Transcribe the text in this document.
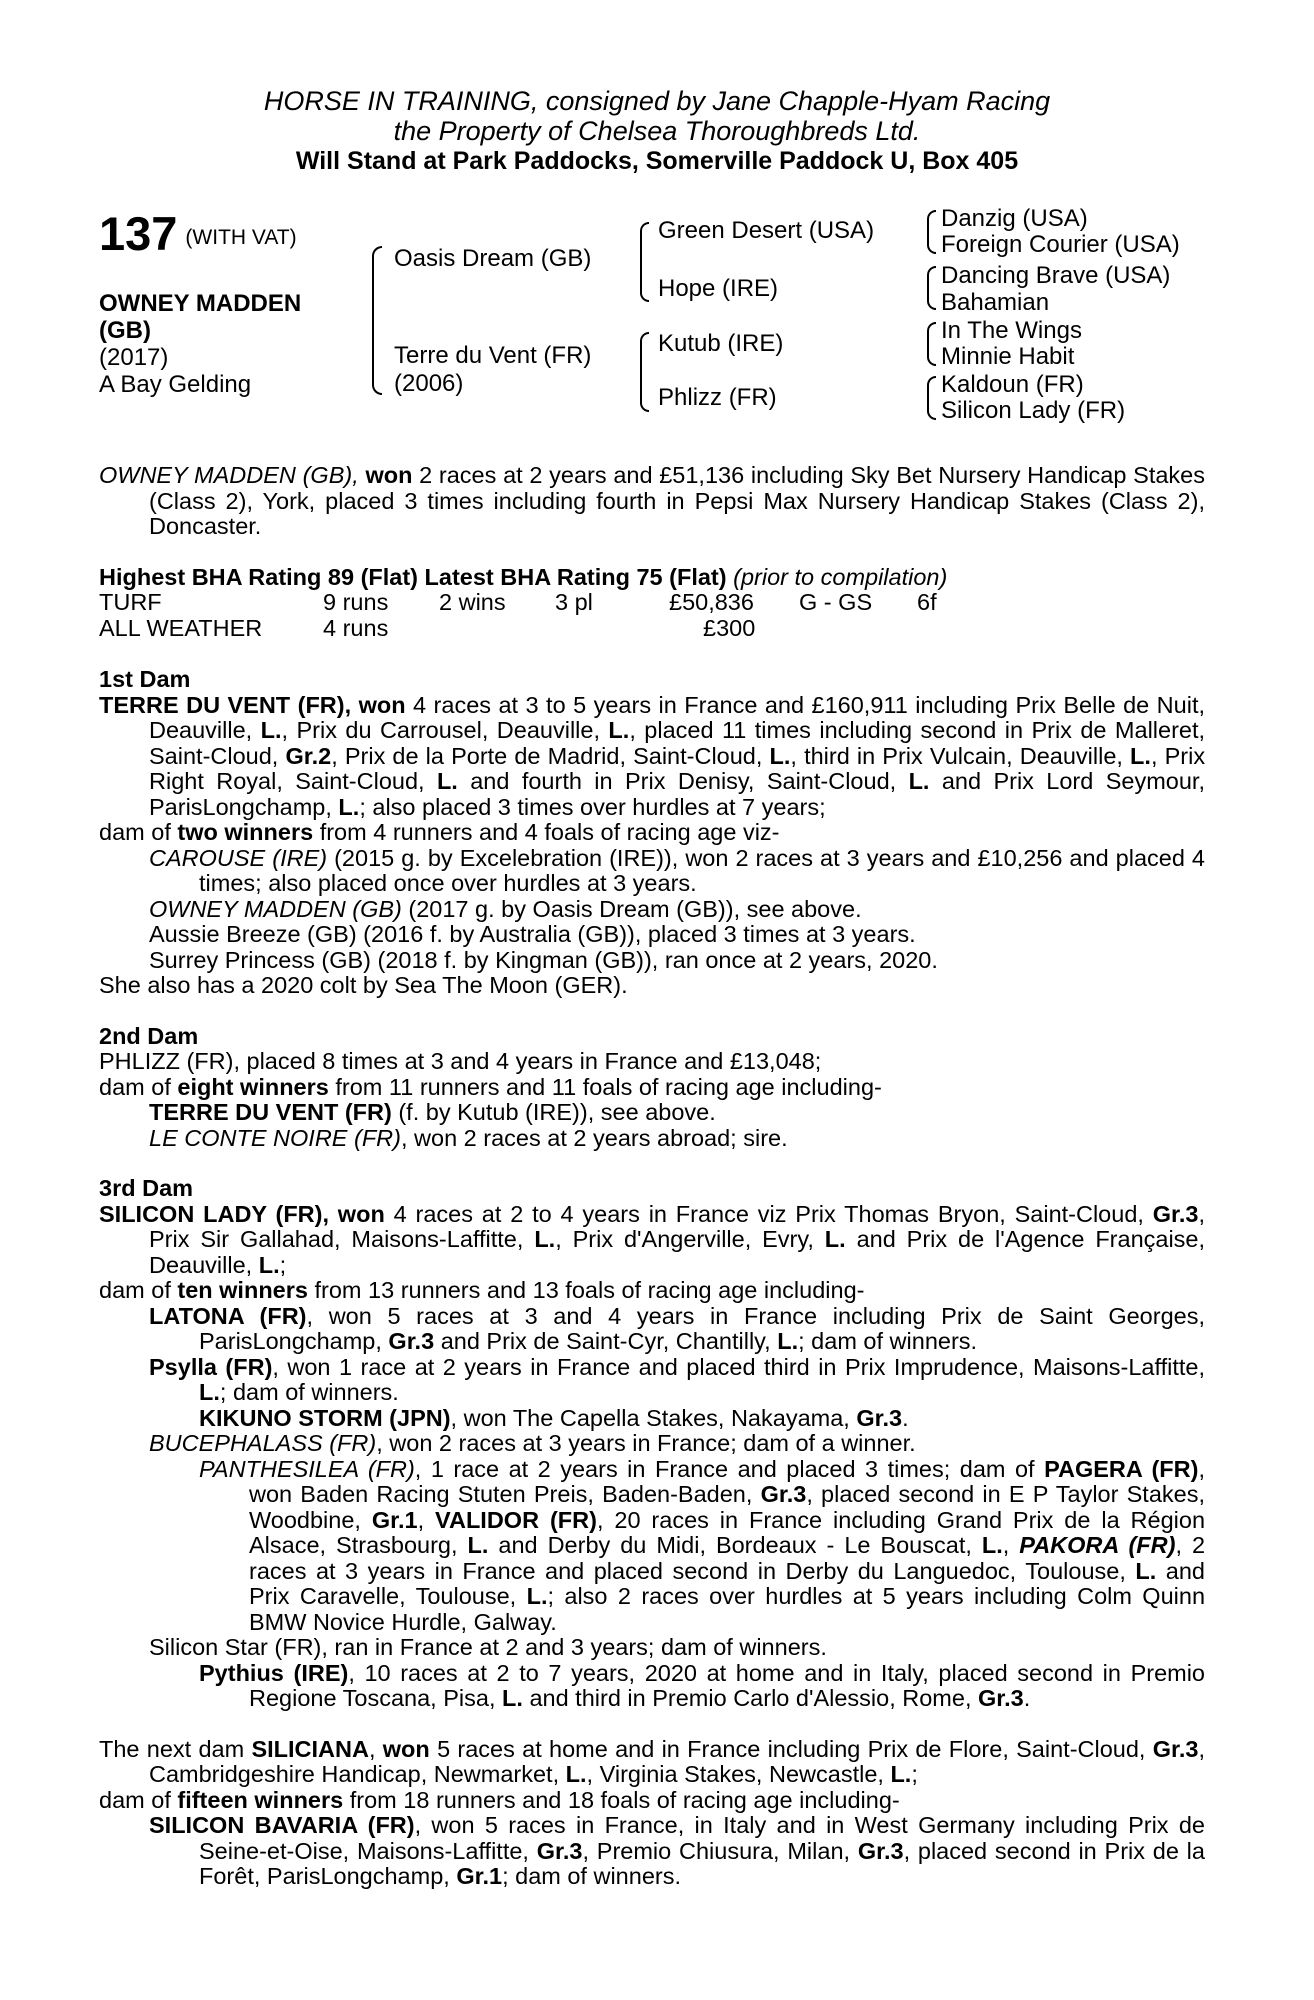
HORSE IN TRAINING, consigned by Jane Chapple-Hyam Racing
the Property of Chelsea Thoroughbreds Ltd.
Will Stand at Park Paddocks, Somerville Paddock U, Box 405
137 (WITH VAT)
OWNEY MADDEN
(GB)
(2017)
A Bay Gelding
Oasis Dream (GB)
Terre du Vent (FR)
(2006)
Green Desert (USA)
Hope (IRE)
Kutub (IRE)
Phlizz (FR)
Danzig (USA)
Foreign Courier (USA)
Dancing Brave (USA)
Bahamian
In The Wings
Minnie Habit
Kaldoun (FR)
Silicon Lady (FR)

OWNEY MADDEN (GB), won 2 races at 2 years and £51,136 including Sky Bet Nursery Handicap Stakes (Class 2), York, placed 3 times including fourth in Pepsi Max Nursery Handicap Stakes (Class 2), Doncaster.

Highest BHA Rating 89 (Flat) Latest BHA Rating 75 (Flat) (prior to compilation)

TURF	9 runs 2 wins 3 pl	£50,836 G - GS 6f
ALL WEATHER	4 runs	£300

1st Dam

TERRE DU VENT (FR), won 4 races at 3 to 5 years in France and £160,911 including Prix Belle de Nuit, Deauville, L., Prix du Carrousel, Deauville, L., placed 11 times including second in Prix de Malleret, Saint-Cloud, Gr.2, Prix de la Porte de Madrid, Saint-Cloud, L., third in Prix Vulcain, Deauville, L., Prix Right Royal, Saint-Cloud, L. and fourth in Prix Denisy, Saint-Cloud, L. and Prix Lord Seymour, ParisLongchamp, L.; also placed 3 times over hurdles at 7 years;

dam of two winners from 4 runners and 4 foals of racing age viz-

CAROUSE (IRE) (2015 g. by Excelebration (IRE)), won 2 races at 3 years and £10,256 and placed 4 times; also placed once over hurdles at 3 years.

OWNEY MADDEN (GB) (2017 g. by Oasis Dream (GB)), see above.

Aussie Breeze (GB) (2016 f. by Australia (GB)), placed 3 times at 3 years.

Surrey Princess (GB) (2018 f. by Kingman (GB)), ran once at 2 years, 2020.

She also has a 2020 colt by Sea The Moon (GER).

2nd Dam

PHLIZZ (FR), placed 8 times at 3 and 4 years in France and £13,048;

dam of eight winners from 11 runners and 11 foals of racing age including-

TERRE DU VENT (FR) (f. by Kutub (IRE)), see above.

LE CONTE NOIRE (FR), won 2 races at 2 years abroad; sire.

3rd Dam

SILICON LADY (FR), won 4 races at 2 to 4 years in France viz Prix Thomas Bryon, Saint-Cloud, Gr.3, Prix Sir Gallahad, Maisons-Laffitte, L., Prix d'Angerville, Evry, L. and Prix de l'Agence Française, Deauville, L.;

dam of ten winners from 13 runners and 13 foals of racing age including-

LATONA (FR), won 5 races at 3 and 4 years in France including Prix de Saint Georges, ParisLongchamp, Gr.3 and Prix de Saint-Cyr, Chantilly, L.; dam of winners.

Psylla (FR), won 1 race at 2 years in France and placed third in Prix Imprudence, Maisons-Laffitte, L.; dam of winners.

KIKUNO STORM (JPN), won The Capella Stakes, Nakayama, Gr.3.

BUCEPHALASS (FR), won 2 races at 3 years in France; dam of a winner.

PANTHESILEA (FR), 1 race at 2 years in France and placed 3 times; dam of PAGERA (FR), won Baden Racing Stuten Preis, Baden-Baden, Gr.3, placed second in E P Taylor Stakes, Woodbine, Gr.1, VALIDOR (FR), 20 races in France including Grand Prix de la Région Alsace, Strasbourg, L. and Derby du Midi, Bordeaux - Le Bouscat, L., PAKORA (FR), 2 races at 3 years in France and placed second in Derby du Languedoc, Toulouse, L. and Prix Caravelle, Toulouse, L.; also 2 races over hurdles at 5 years including Colm Quinn BMW Novice Hurdle, Galway.

Silicon Star (FR), ran in France at 2 and 3 years; dam of winners.

Pythius (IRE), 10 races at 2 to 7 years, 2020 at home and in Italy, placed second in Premio Regione Toscana, Pisa, L. and third in Premio Carlo d'Alessio, Rome, Gr.3.

The next dam SILICIANA, won 5 races at home and in France including Prix de Flore, Saint-Cloud, Gr.3, Cambridgeshire Handicap, Newmarket, L., Virginia Stakes, Newcastle, L.;

dam of fifteen winners from 18 runners and 18 foals of racing age including-

SILICON BAVARIA (FR), won 5 races in France, in Italy and in West Germany including Prix de Seine-et-Oise, Maisons-Laffitte, Gr.3, Premio Chiusura, Milan, Gr.3, placed second in Prix de la Forêt, ParisLongchamp, Gr.1; dam of winners.
